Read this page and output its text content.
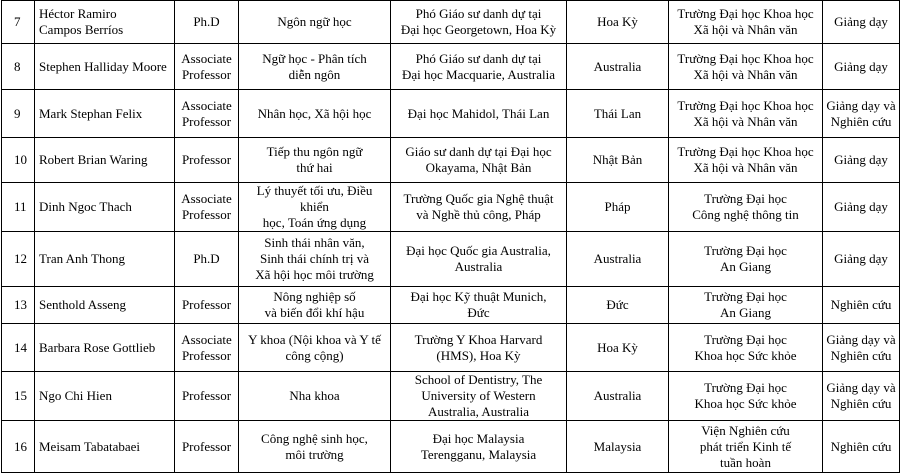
7	Héctor Ramiro
Campos Berríos	Ph.D	Ngôn ngữ học	Phó Giáo sư danh dự tại
Đại học Georgetown, Hoa Kỳ	Hoa Kỳ	Trường Đại học Khoa học
Xã hội và Nhân văn	Giảng dạy
8	Stephen Halliday Moore	Associate
Professor	Ngữ học - Phân tích
diễn ngôn	Phó Giáo sư danh dự tại
Đại học Macquarie, Australia	Australia	Trường Đại học Khoa học
Xã hội và Nhân văn	Giảng dạy
9	Mark Stephan Felix	Associate
Professor	Nhân học, Xã hội học	Đại học Mahidol, Thái Lan	Thái Lan	Trường Đại học Khoa học
Xã hội và Nhân văn	Giảng dạy và
Nghiên cứu
10	Robert Brian Waring	Professor	Tiếp thu ngôn ngữ
thứ hai	Giáo sư danh dự tại Đại học
Okayama, Nhật Bản	Nhật Bản	Trường Đại học Khoa học
Xã hội và Nhân văn	Giảng dạy
11	Dinh Ngoc Thach	Associate
Professor	Lý thuyết tối ưu, Điều khiển
học, Toán ứng dụng	Trường Quốc gia Nghệ thuật
và Nghề thủ công, Pháp	Pháp	Trường Đại học
Công nghệ thông tin	Giảng dạy
12	Tran Anh Thong	Ph.D	Sinh thái nhân văn,
Sinh thái chính trị và
Xã hội học môi trường	Đại học Quốc gia Australia,
Australia	Australia	Trường Đại học
An Giang	Giảng dạy
13	Senthold Asseng	Professor	Nông nghiệp số
và biến đổi khí hậu	Đại học Kỹ thuật Munich,
Đức	Đức	Trường Đại học
An Giang	Nghiên cứu
14	Barbara Rose Gottlieb	Associate
Professor	Y khoa (Nội khoa và Y tế
công cộng)	Trường Y Khoa Harvard
(HMS), Hoa Kỳ	Hoa Kỳ	Trường Đại học
Khoa học Sức khỏe	Giảng dạy và
Nghiên cứu
15	Ngo Chi Hien	Professor	Nha khoa	School of Dentistry, The
University of Western
Australia, Australia	Australia	Trường Đại học
Khoa học Sức khỏe	Giảng dạy và
Nghiên cứu
16	Meisam Tabatabaei	Professor	Công nghệ sinh học,
môi trường	Đại học Malaysia
Terengganu, Malaysia	Malaysia	Viện Nghiên cứu
phát triển Kinh tế
tuần hoàn	Nghiên cứu
